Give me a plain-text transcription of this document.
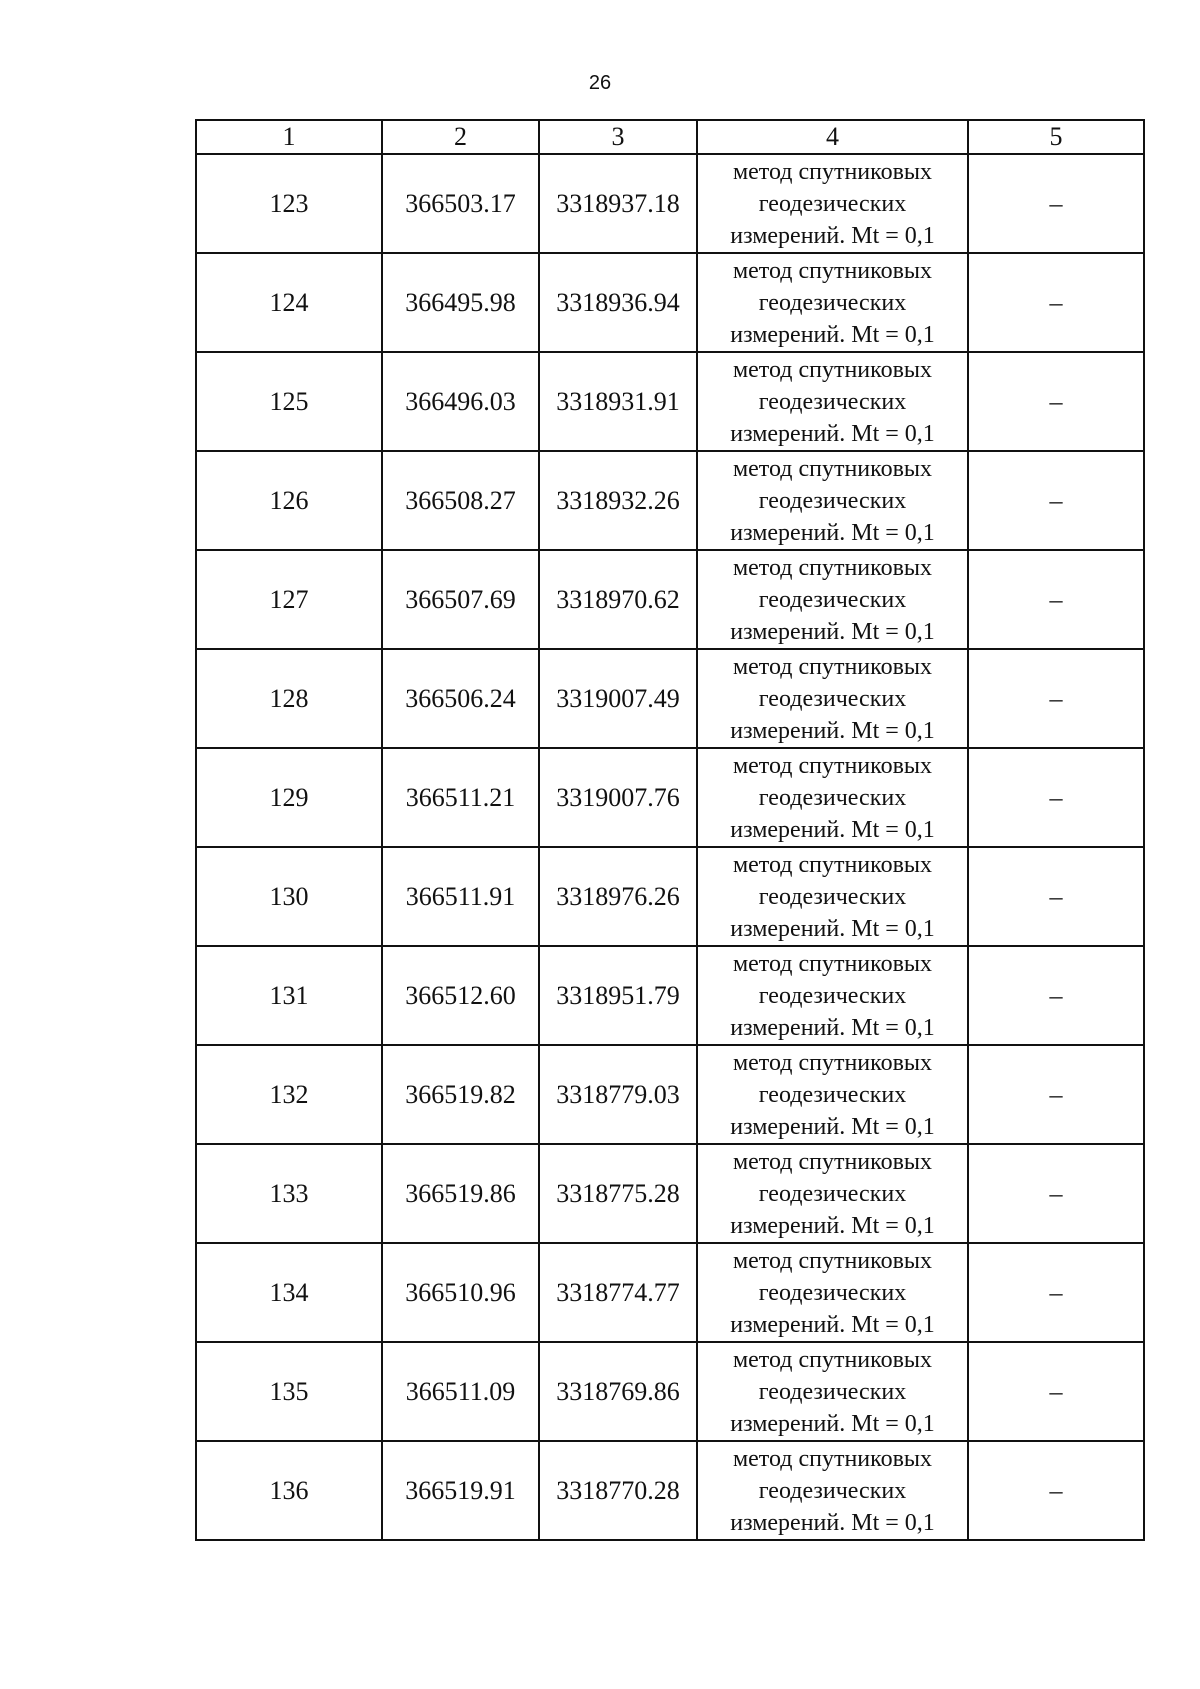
26
1	2	3	4	5
123	366503.17	3318937.18	метод спутниковых
геодезических
измерений. Mt = 0,1	–
124	366495.98	3318936.94	метод спутниковых
геодезических
измерений. Mt = 0,1	–
125	366496.03	3318931.91	метод спутниковых
геодезических
измерений. Mt = 0,1	–
126	366508.27	3318932.26	метод спутниковых
геодезических
измерений. Mt = 0,1	–
127	366507.69	3318970.62	метод спутниковых
геодезических
измерений. Mt = 0,1	–
128	366506.24	3319007.49	метод спутниковых
геодезических
измерений. Mt = 0,1	–
129	366511.21	3319007.76	метод спутниковых
геодезических
измерений. Mt = 0,1	–
130	366511.91	3318976.26	метод спутниковых
геодезических
измерений. Mt = 0,1	–
131	366512.60	3318951.79	метод спутниковых
геодезических
измерений. Mt = 0,1	–
132	366519.82	3318779.03	метод спутниковых
геодезических
измерений. Mt = 0,1	–
133	366519.86	3318775.28	метод спутниковых
геодезических
измерений. Mt = 0,1	–
134	366510.96	3318774.77	метод спутниковых
геодезических
измерений. Mt = 0,1	–
135	366511.09	3318769.86	метод спутниковых
геодезических
измерений. Mt = 0,1	–
136	366519.91	3318770.28	метод спутниковых
геодезических
измерений. Mt = 0,1	–
